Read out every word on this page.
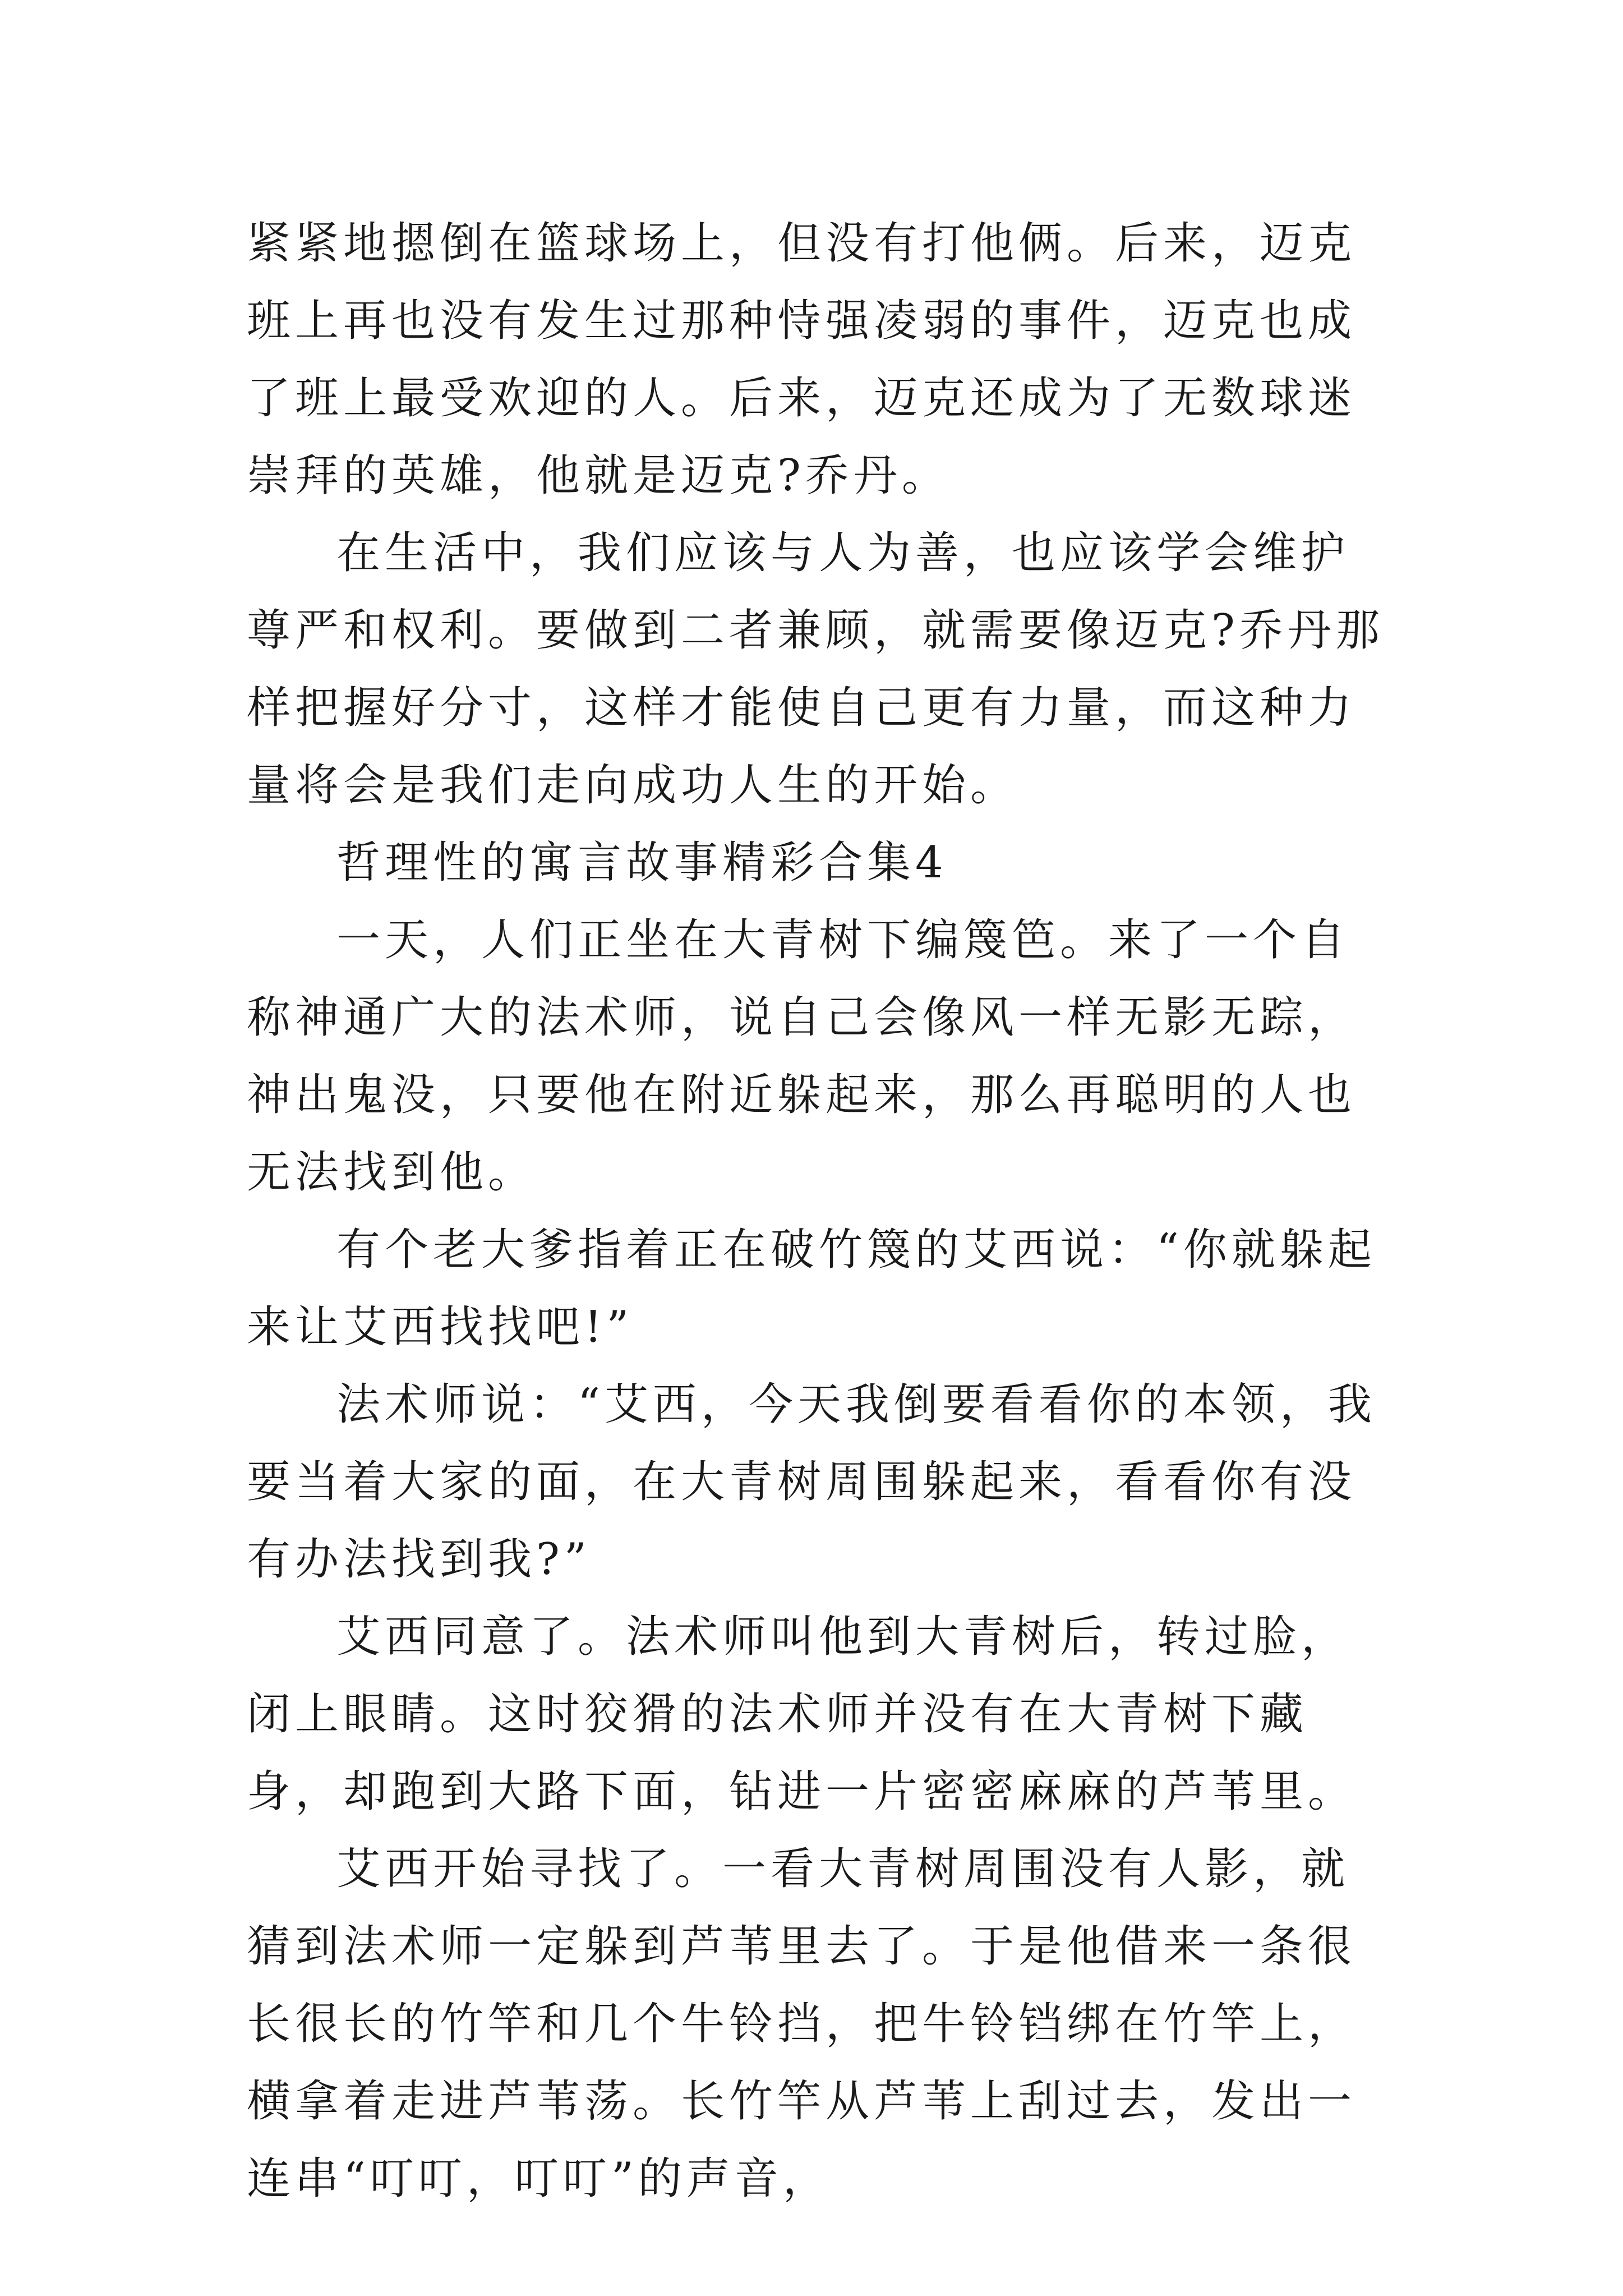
紧紧地摁倒在篮球场上，但没有打他俩。后来，迈克班上再也没有发生过那种恃强凌弱的事件，迈克也成了班上最受欢迎的人。后来，迈克还成为了无数球迷崇拜的英雄，他就是迈克?乔丹。

在生活中，我们应该与人为善，也应该学会维护尊严和权利。要做到二者兼顾，就需要像迈克?乔丹那样把握好分寸，这样才能使自己更有力量，而这种力量将会是我们走向成功人生的开始。

哲理性的寓言故事精彩合集4

一天，人们正坐在大青树下编篾笆。来了一个自称神通广大的法术师，说自己会像风一样无影无踪，神出鬼没，只要他在附近躲起来，那么再聪明的人也无法找到他。

有个老大爹指着正在破竹篾的艾西说：“你就躲起来让艾西找找吧!”

法术师说：“艾西，今天我倒要看看你的本领，我要当着大家的面，在大青树周围躲起来，看看你有没有办法找到我?”

艾西同意了。法术师叫他到大青树后，转过脸，闭上眼睛。这时狡猾的法术师并没有在大青树下藏身，却跑到大路下面，钻进一片密密麻麻的芦苇里。

艾西开始寻找了。一看大青树周围没有人影，就猜到法术师一定躲到芦苇里去了。于是他借来一条很长很长的竹竿和几个牛铃挡，把牛铃铛绑在竹竿上，横拿着走进芦苇荡。长竹竿从芦苇上刮过去，发出一连串“叮叮，叮叮”的声音，
